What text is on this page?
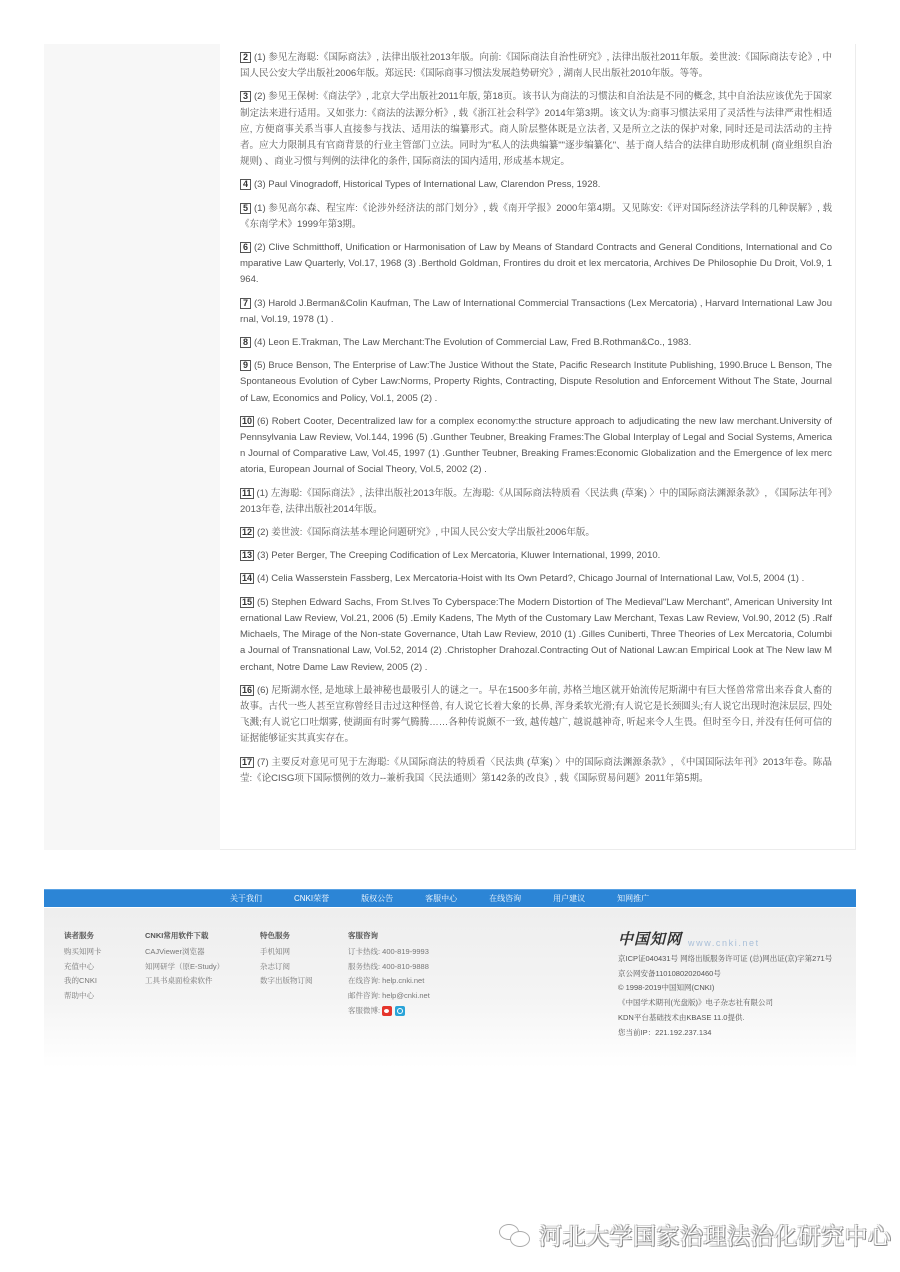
2 (1) 参见左海聪:《国际商法》, 法律出版社2013年版。向前:《国际商法自治性研究》, 法律出版社2011年版。姜世波:《国际商法专论》, 中国人民公安大学出版社2006年版。郑远民:《国际商事习惯法发展趋势研究》, 湖南人民出版社2010年版。等等。

3 (2) 参见王保树:《商法学》, 北京大学出版社2011年版, 第18页。该书认为商法的习惯法和自治法是不同的概念, 其中自治法应该优先于国家制定法来进行适用。又如张力:《商法的法源分析》, 载《浙江社会科学》2014年第3期。该文认为:商事习惯法采用了灵活性与法律严肃性相适应, 方便商事关系当事人直接参与找法、适用法的编纂形式。商人阶层整体既是立法者, 又是所立之法的保护对象, 同时还是司法活动的主持者。应大力限制具有官商背景的行业主管部门立法。同时为"私人的法典编纂""逐步编纂化"、基于商人结合的法律自助形成机制 (商业组织自治规则) 、商业习惯与判例的法律化的条件, 国际商法的国内适用, 形成基本规定。

4 (3) Paul Vinogradoff, Historical Types of International Law, Clarendon Press, 1928.

5 (1) 参见高尔森、程宝库:《论涉外经济法的部门划分》, 载《南开学报》2000年第4期。又见陈安:《评对国际经济法学科的几种误解》, 载《东南学术》1999年第3期。

6 (2) Clive Schmitthoff, Unification or Harmonisation of Law by Means of Standard Contracts and General Conditions, International and Comparative Law Quarterly, Vol.17, 1968 (3) .Berthold Goldman, Frontires du droit et lex mercatoria, Archives De Philosophie Du Droit, Vol.9, 1964.

7 (3) Harold J.Berman&Colin Kaufman, The Law of International Commercial Transactions (Lex Mercatoria) , Harvard International Law Journal, Vol.19, 1978 (1) .

8 (4) Leon E.Trakman, The Law Merchant:The Evolution of Commercial Law, Fred B.Rothman&Co., 1983.

9 (5) Bruce Benson, The Enterprise of Law:The Justice Without the State, Pacific Research Institute Publishing, 1990.Bruce L Benson, The Spontaneous Evolution of Cyber Law:Norms, Property Rights, Contracting, Dispute Resolution and Enforcement Without The State, Journal of Law, Economics and Policy, Vol.1, 2005 (2) .

10 (6) Robert Cooter, Decentralized law for a complex economy:the structure approach to adjudicating the new law merchant.University of Pennsylvania Law Review, Vol.144, 1996 (5) .Gunther Teubner, Breaking Frames:The Global Interplay of Legal and Social Systems, American Journal of Comparative Law, Vol.45, 1997 (1) .Gunther Teubner, Breaking Frames:Economic Globalization and the Emergence of lex mercatoria, European Journal of Social Theory, Vol.5, 2002 (2) .

11 (1) 左海聪:《国际商法》, 法律出版社2013年版。左海聪:《从国际商法特质看〈民法典 (草案) 〉中的国际商法渊源条款》, 《国际法年刊》2013年卷, 法律出版社2014年版。

12 (2) 姜世波:《国际商法基本理论问题研究》, 中国人民公安大学出版社2006年版。

13 (3) Peter Berger, The Creeping Codification of Lex Mercatoria, Kluwer International, 1999, 2010.

14 (4) Celia Wasserstein Fassberg, Lex Mercatoria-Hoist with Its Own Petard?, Chicago Journal of International Law, Vol.5, 2004 (1) .

15 (5) Stephen Edward Sachs, From St.Ives To Cyberspace:The Modern Distortion of The Medieval"Law Merchant", American University International Law Review, Vol.21, 2006 (5) .Emily Kadens, The Myth of the Customary Law Merchant, Texas Law Review, Vol.90, 2012 (5) .Ralf Michaels, The Mirage of the Non-state Governance, Utah Law Review, 2010 (1) .Gilles Cuniberti, Three Theories of Lex Mercatoria, Columbia Journal of Transnational Law, Vol.52, 2014 (2) .Christopher Drahozal.Contracting Out of National Law:an Empirical Look at The New law Merchant, Notre Dame Law Review, 2005 (2) .

16 (6) 尼斯湖水怪, 是地球上最神秘也最吸引人的谜之一。早在1500多年前, 苏格兰地区就开始流传尼斯湖中有巨大怪兽常常出来吞食人畜的故事。古代一些人甚至宣称曾经目击过这种怪兽, 有人说它长着大象的长鼻, 浑身柔软光滑;有人说它是长颈圆头;有人说它出现时泡沫层层, 四处飞溅;有人说它口吐烟雾, 使湖面有时雾气腾腾……各种传说颇不一致, 越传越广, 越说越神奇, 听起来令人生畏。但时至今日, 并没有任何可信的证据能够证实其真实存在。

17 (7) 主要反对意见可见于左海聪:《从国际商法的特质看〈民法典 (草案) 〉中的国际商法渊源条款》, 《中国国际法年刊》2013年卷。陈晶莹:《论CISG项下国际惯例的效力--兼析我国〈民法通则〉第142条的改良》, 载《国际贸易问题》2011年第5期。

关于我们	CNKI荣誉	版权公告	客服中心	在线咨询	用户建议	知网推广
读者服务
购买知网卡
充值中心
我的CNKI
帮助中心
CNKI常用软件下载
CAJViewer浏览器
知网研学（原E-Study）
工具书桌面检索软件
特色服务
手机知网
杂志订阅
数字出版物订阅
客服咨询
订卡热线: 400-819-9993
服务热线: 400-810-9888
在线咨询: help.cnki.net
邮件咨询: help@cnki.net
客服微博:
中国知网 www.cnki.net
京ICP证040431号 网络出版服务许可证 (总)网出证(京)字第271号
京公网安备11010802020460号
© 1998-2019中国知网(CNKI)
《中国学术期刊(光盘版)》电子杂志社有限公司
KDN平台基础技术由KBASE 11.0提供.
您当前IP：221.192.237.134
河北大学国家治理法治化研究中心
